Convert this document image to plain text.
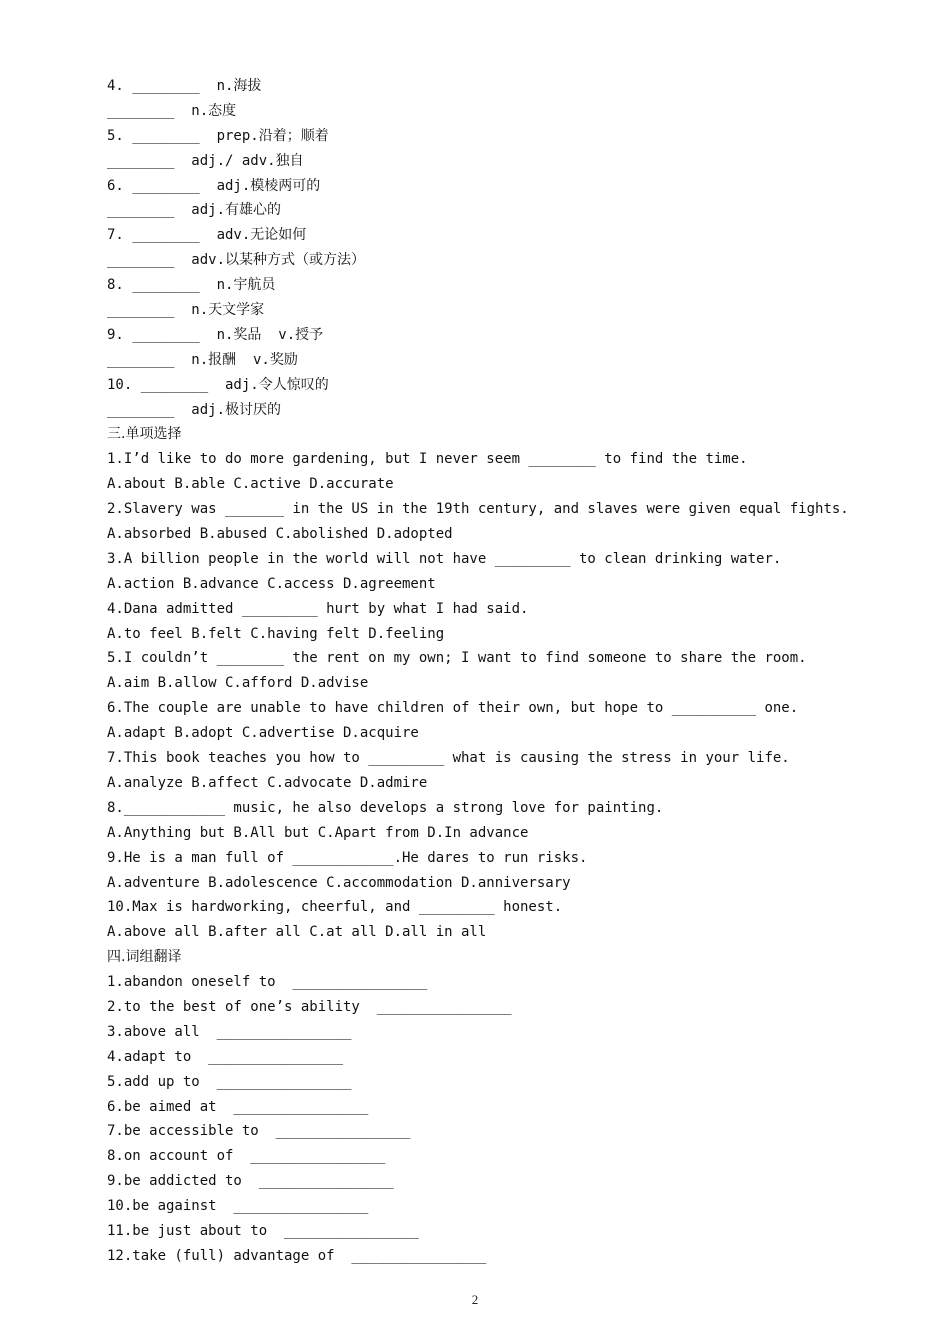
4. ________  n.海拔
________  n.态度
5. ________  prep.沿着；顺着
________  adj./ adv.独自
6. ________  adj.模棱两可的
________  adj.有雄心的
7. ________  adv.无论如何
________  adv.以某种方式（或方法）
8. ________  n.宇航员
________  n.天文学家
9. ________  n.奖品  v.授予
________  n.报酬  v.奖励
10. ________  adj.令人惊叹的
________  adj.极讨厌的
三.单项选择
1.I’d like to do more gardening, but I never seem ________ to find the time.
A.about B.able C.active D.accurate
2.Slavery was _______ in the US in the 19th century, and slaves were given equal fights.
A.absorbed B.abused C.abolished D.adopted
3.A billion people in the world will not have _________ to clean drinking water.
A.action B.advance C.access D.agreement
4.Dana admitted _________ hurt by what I had said.
A.to feel B.felt C.having felt D.feeling
5.I couldn’t ________ the rent on my own; I want to find someone to share the room.
A.aim B.allow C.afford D.advise
6.The couple are unable to have children of their own, but hope to __________ one.
A.adapt B.adopt C.advertise D.acquire
7.This book teaches you how to _________ what is causing the stress in your life.
A.analyze B.affect C.advocate D.admire
8.____________ music, he also develops a strong love for painting.
A.Anything but B.All but C.Apart from D.In advance
9.He is a man full of ____________.He dares to run risks.
A.adventure B.adolescence C.accommodation D.anniversary
10.Max is hardworking, cheerful, and _________ honest.
A.above all B.after all C.at all D.all in all
四.词组翻译
1.abandon oneself to  ________________
2.to the best of one’s ability  ________________
3.above all  ________________
4.adapt to  ________________
5.add up to  ________________
6.be aimed at  ________________
7.be accessible to  ________________
8.on account of  ________________
9.be addicted to  ________________
10.be against  ________________
11.be just about to  ________________
12.take (full) advantage of  ________________
2
